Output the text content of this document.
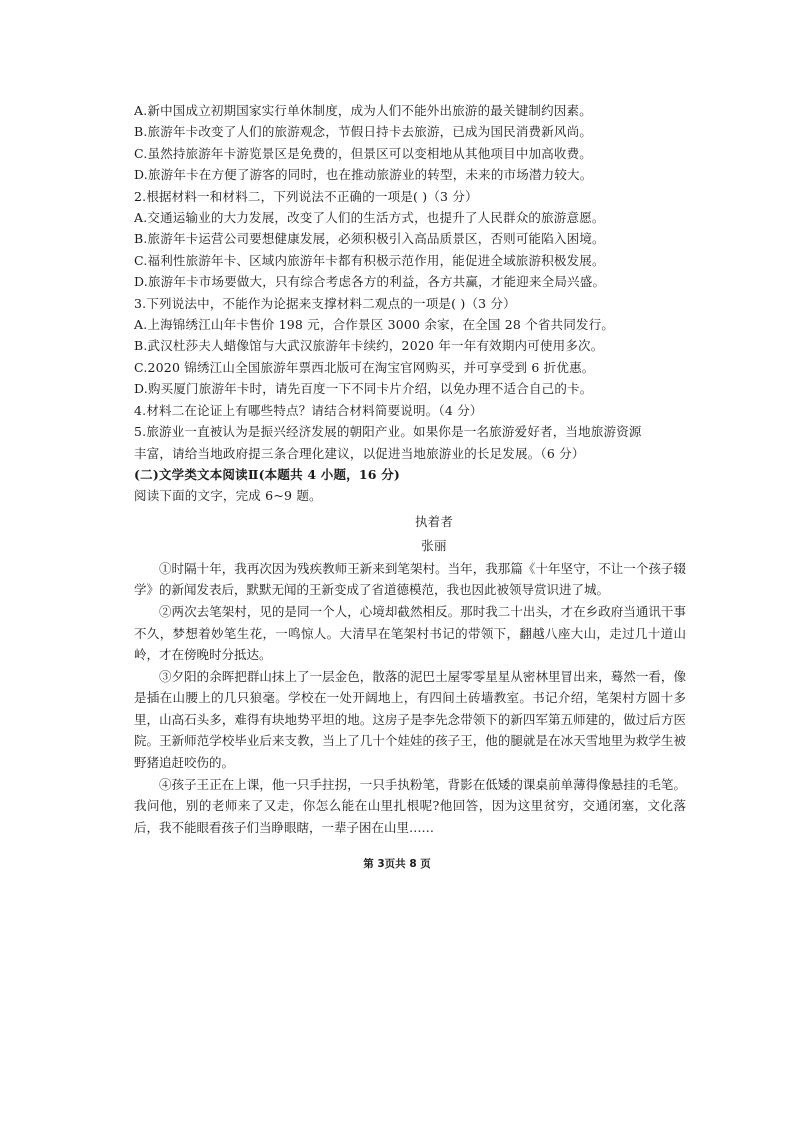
A.新中国成立初期国家实行单休制度，成为人们不能外出旅游的最关键制约因素。
B.旅游年卡改变了人们的旅游观念，节假日持卡去旅游，已成为国民消费新风尚。
C.虽然持旅游年卡游览景区是免费的，但景区可以变相地从其他项目中加高收费。
D.旅游年卡在方便了游客的同时，也在推动旅游业的转型，未来的市场潜力较大。
2.根据材料一和材料二，下列说法不正确的一项是( )（3 分）
A.交通运输业的大力发展，改变了人们的生活方式，也提升了人民群众的旅游意愿。
B.旅游年卡运营公司要想健康发展，必须积极引入高品质景区，否则可能陷入困境。
C.福利性旅游年卡、区域内旅游年卡都有积极示范作用，能促进全域旅游积极发展。
D.旅游年卡市场要做大，只有综合考虑各方的利益，各方共赢，才能迎来全局兴盛。
3.下列说法中，不能作为论据来支撑材料二观点的一项是( )（3 分）
A.上海锦绣江山年卡售价 198 元，合作景区 3000 余家，在全国 28 个省共同发行。
B.武汉杜莎夫人蜡像馆与大武汉旅游年卡续约，2020 年一年有效期内可使用多次。
C.2020 锦绣江山全国旅游年票西北版可在淘宝官网购买，并可享受到 6 折优惠。
D.购买厦门旅游年卡时，请先百度一下不同卡片介绍，以免办理不适合自己的卡。
4.材料二在论证上有哪些特点？请结合材料简要说明。（4 分）
5.旅游业一直被认为是振兴经济发展的朝阳产业。如果你是一名旅游爱好者，当地旅游资源
丰富，请给当地政府提三条合理化建议，以促进当地旅游业的长足发展。（6 分）
(二)文学类文本阅读Ⅱ(本题共 4 小题，16 分)
阅读下面的文字，完成 6~9 题。
执着者
张丽

①时隔十年，我再次因为残疾教师王新来到笔架村。当年，我那篇《十年坚守，不让一个孩子辍学》的新闻发表后，默默无闻的王新变成了省道德模范，我也因此被领导赏识进了城。

②两次去笔架村，见的是同一个人，心境却截然相反。那时我二十出头，才在乡政府当通讯干事不久，梦想着妙笔生花，一鸣惊人。大清早在笔架村书记的带领下，翻越八座大山，走过几十道山岭，才在傍晚时分抵达。

③夕阳的余晖把群山抹上了一层金色，散落的泥巴土屋零零星星从密林里冒出来，蓦然一看，像是插在山腰上的几只狼毫。学校在一处开阔地上，有四间土砖墙教室。书记介绍，笔架村方圆十多里，山高石头多，难得有块地势平坦的地。这房子是李先念带领下的新四军第五师建的，做过后方医院。王新师范学校毕业后来支教，当上了几十个娃娃的孩子王，他的腿就是在冰天雪地里为救学生被野猪追赶咬伤的。

④孩子王正在上课，他一只手拄拐，一只手执粉笔，背影在低矮的课桌前单薄得像悬挂的毛笔。我问他，别的老师来了又走，你怎么能在山里扎根呢?他回答，因为这里贫穷，交通闭塞，文化落后，我不能眼看孩子们当睁眼瞎，一辈子困在山里……

第 3页共 8 页
